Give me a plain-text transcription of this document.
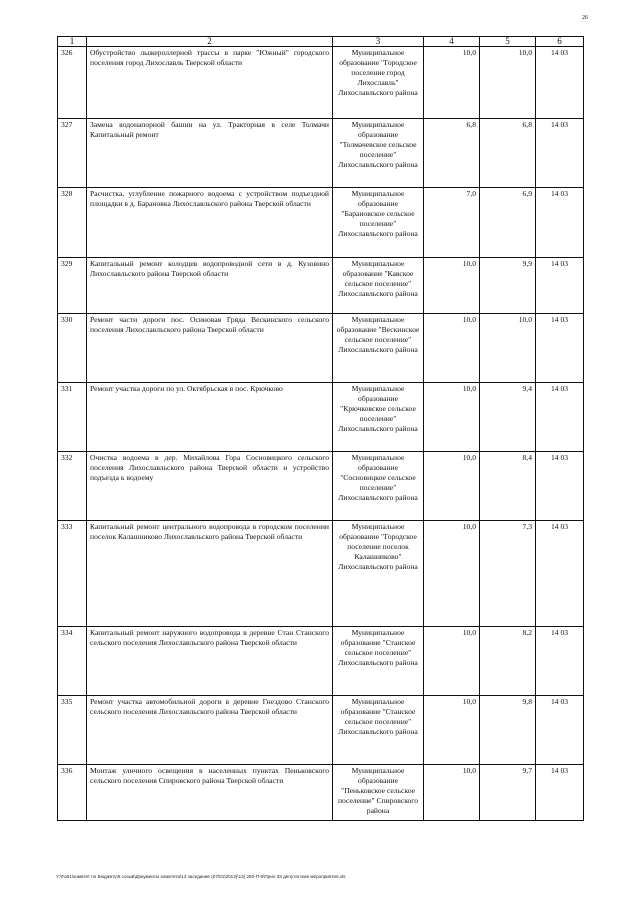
26
1	2	3	4	5	6
326	Обустройство лыжероллерной трассы в парке "Южный" городского поселения город Лихославль Тверской области	Муниципальное образование "Городское поселение город Лихославль" Лихославльского района	10,0	10,0	14 03
327	Замена водонапорной башни на ул. Тракторная в селе Толмачи Капитальный ремонт	Муниципальное образование "Толмачевское сельское поселение" Лихославльского района	6,8	6,8	14 03
328	Расчистка, углубление пожарного водоема с устройством подъездной площадки в д. Барановка Лихославльского района Тверской области	Муниципальное образование "Барановское сельское поселение" Лихославльского района	7,0	6,9	14 03
329	Капитальный ремонт колодцев водопроводной сети в д. Кузовино Лихославльского района Тверской области	Муниципальное образование "Кавское сельское поселение" Лихославльского района	10,0	9,9	14 03
330	Ремонт части дороги пос. Осиновая Гряда Вескинского сельского поселения Лихославльского района Тверской области	Муниципальное образование "Вескинское сельское поселение" Лихославльского района	10,0	10,0	14 03
331	Ремонт участка дороги по ул. Октябрьская в пос. Крючково	Муниципальное образование "Крючковское сельское поселение" Лихославльского района	10,0	9,4	14 03
332	Очистка водоема в дер. Михайлова Гора Сосновицкого сельского поселения Лихославльского района Тверской области и устройство подъезда к водоему	Муниципальное образование "Сосновицкое сельское поселение" Лихославльского района	10,0	8,4	14 03
333	Капитальный ремонт центрального водопровода в городском поселении поселок Калашниково Лихославльского района Тверской области	Муниципальное образование "Городское поселение поселок Калашниково" Лихославльского района	10,0	7,3	14 03
334	Капитальный ремонт наружного водопровода в деревне Стан Станского сельского поселения Лихославльского района Тверской области	Муниципальное образование "Станское сельское поселение" Лихославльского района	10,0	8,2	14 03
335	Ремонт участка автомобильной дороги в деревне Гнездово Станского сельского поселения Лихославльского района Тверской области	Муниципальное образование "Станское сельское поселение" Лихославльского района	10,0	9,8	14 03
336	Монтаж уличного освещения в населенных пунктах Пеньковского сельского поселения Спировского района Тверской области	Муниципальное образование "Пеньковское сельское поселение" Спировского района	10,0	9,7	14 03
Y:\Fa01\комитет по Бюджету\5 созыв\Документы комитета\13 заседание (07\01\2013)\13) 292-П-5\Прил 33 депутатские мероприятия.xls
